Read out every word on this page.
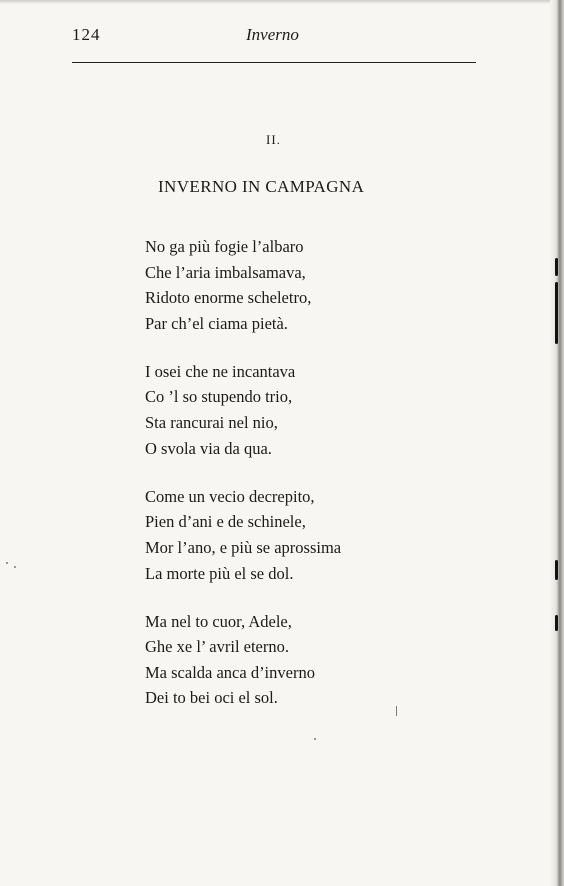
124	Inverno
II.
INVERNO IN CAMPAGNA
No ga più fogie l’albaro
Che l’aria imbalsamava,
Ridoto enorme scheletro,
Par ch’el ciama pietà.
I osei che ne incantava
Co ’l so stupendo trio,
Sta rancurai nel nio,
O svola via da qua.
Come un vecio decrepito,
Pien d’ani e de schinele,
Mor l’ano, e più se aprossima
La morte più el se dol.
Ma nel to cuor, Adele,
Ghe xe l’ avril eterno.
Ma scalda anca d’inverno
Dei to bei oci el sol.
